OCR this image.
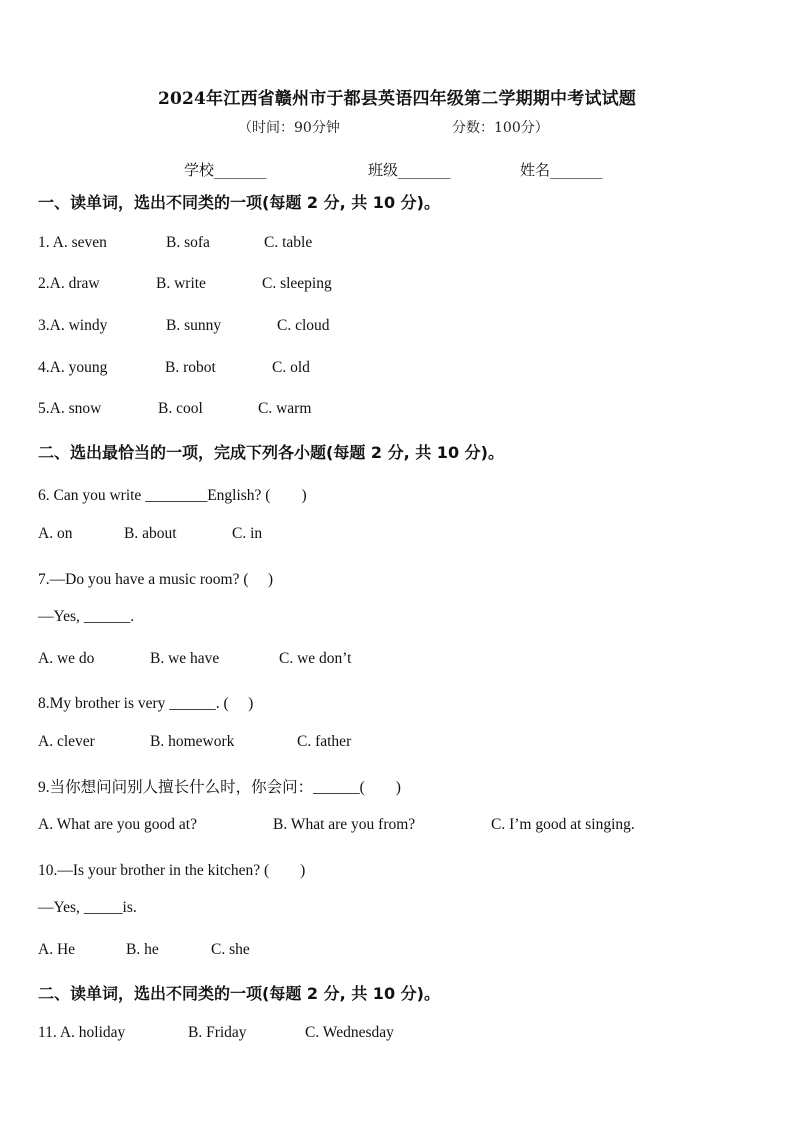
2024年江西省赣州市于都县英语四年级第二学期期中考试试题
（时间：90分钟	分数：100分）
学校_______	班级_______	姓名_______
一、读单词，选出不同类的一项(每题 2 分, 共 10 分)。
1. A. seven	B. sofa	C. table
2.A. draw	B. write	C. sleeping
3.A. windy	B. sunny	C. cloud
4.A. young	B. robot	C. old
5.A. snow	B. cool	C. warm
二、选出最恰当的一项，完成下列各小题(每题 2 分, 共 10 分)。
6. Can you write ________English? (　　)
A. on	B. about	C. in
7.—Do you have a music room? (　 )
—Yes, ______.
A. we do	B. we have	C. we don’t
8.My brother is very ______. (　 )
A. clever	B. homework	C. father
9.当你想问问别人擅长什么时，你会问：______(　　)
A. What are you good at?	B. What are you from?	C. I’m good at singing.
10.—Is your brother in the kitchen? (　　)
—Yes, _____is.
A. He	B. he	C. she
二、读单词，选出不同类的一项(每题 2 分, 共 10 分)。
11. A. holiday	B. Friday	C. Wednesday
